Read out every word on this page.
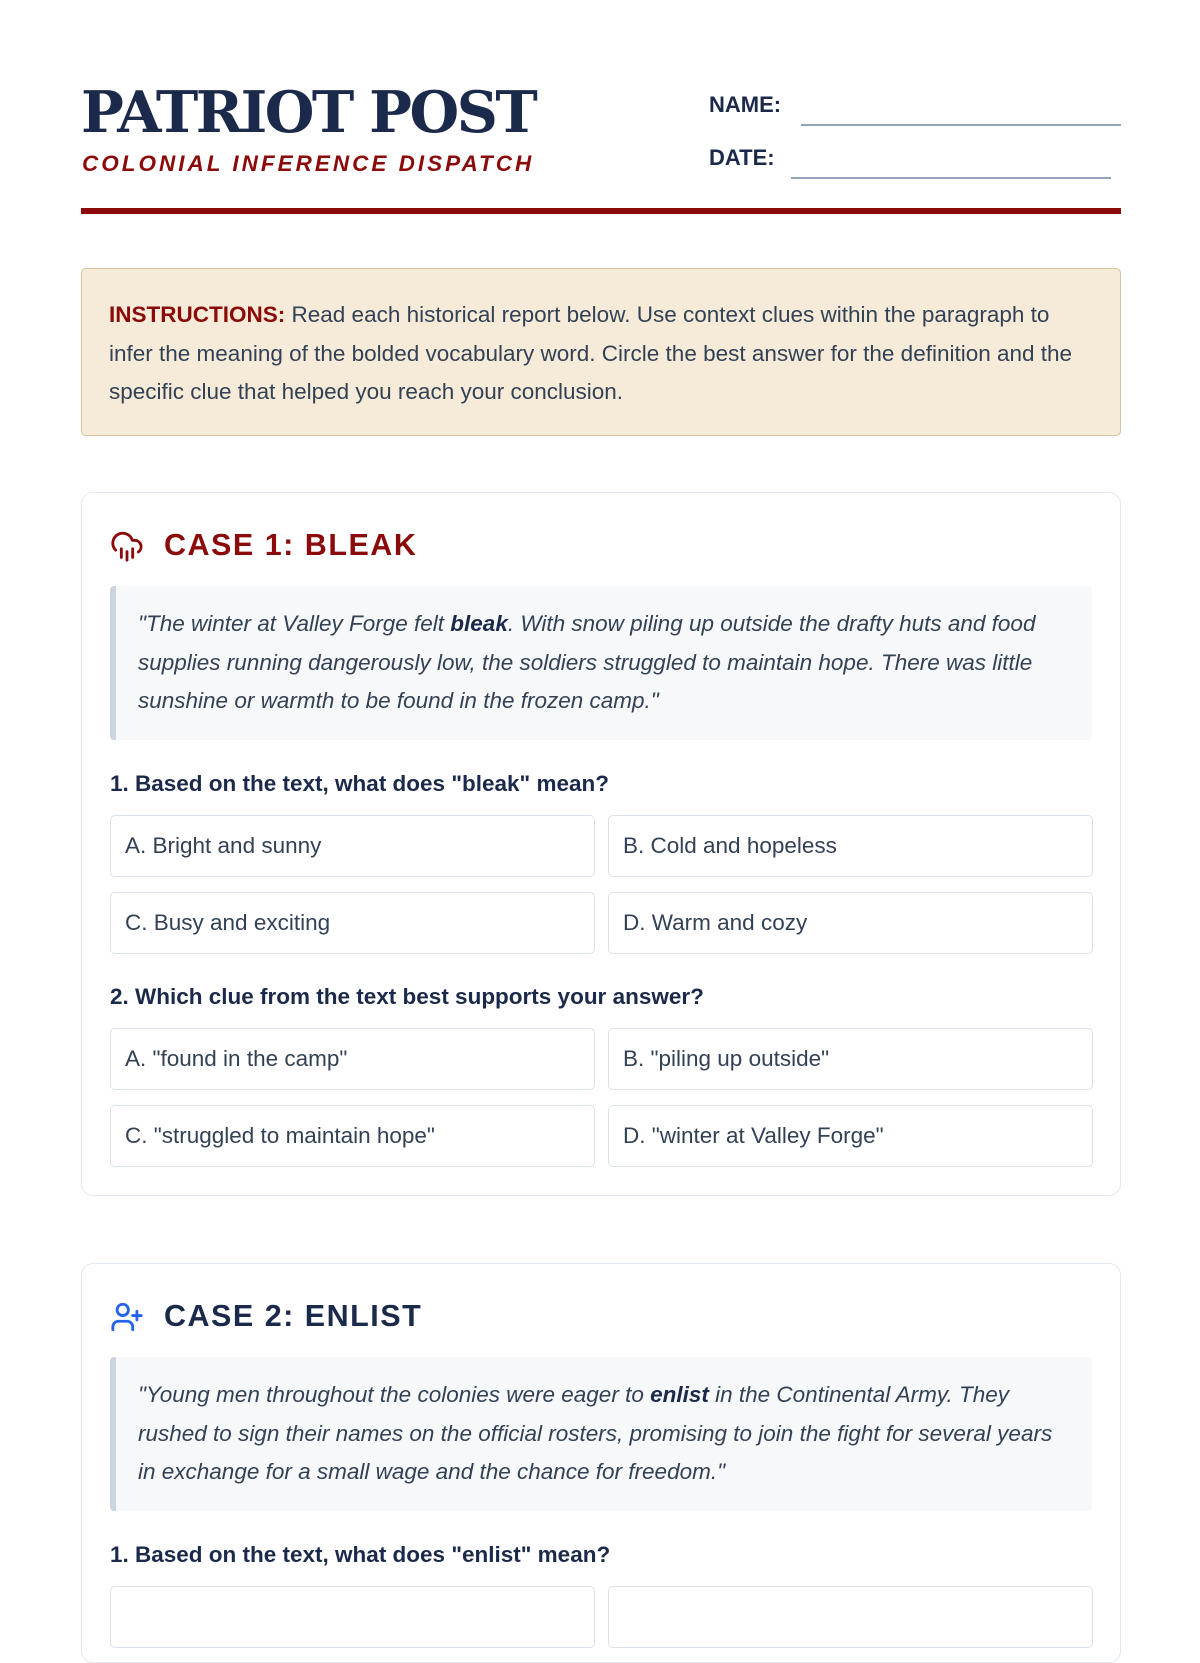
PATRIOT POST
COLONIAL INFERENCE DISPATCH
NAME:
DATE:
INSTRUCTIONS: Read each historical report below. Use context clues within the paragraph to infer the meaning of the bolded vocabulary word. Circle the best answer for the definition and the specific clue that helped you reach your conclusion.
CASE 1: BLEAK
"The winter at Valley Forge felt bleak. With snow piling up outside the drafty huts and food supplies running dangerously low, the soldiers struggled to maintain hope. There was little sunshine or warmth to be found in the frozen camp."
1. Based on the text, what does "bleak" mean?
A. Bright and sunny	B. Cold and hopeless
C. Busy and exciting	D. Warm and cozy
2. Which clue from the text best supports your answer?
A. "found in the camp"	B. "piling up outside"
C. "struggled to maintain hope"	D. "winter at Valley Forge"
CASE 2: ENLIST
"Young men throughout the colonies were eager to enlist in the Continental Army. They rushed to sign their names on the official rosters, promising to join the fight for several years in exchange for a small wage and the chance for freedom."
1. Based on the text, what does "enlist" mean?
